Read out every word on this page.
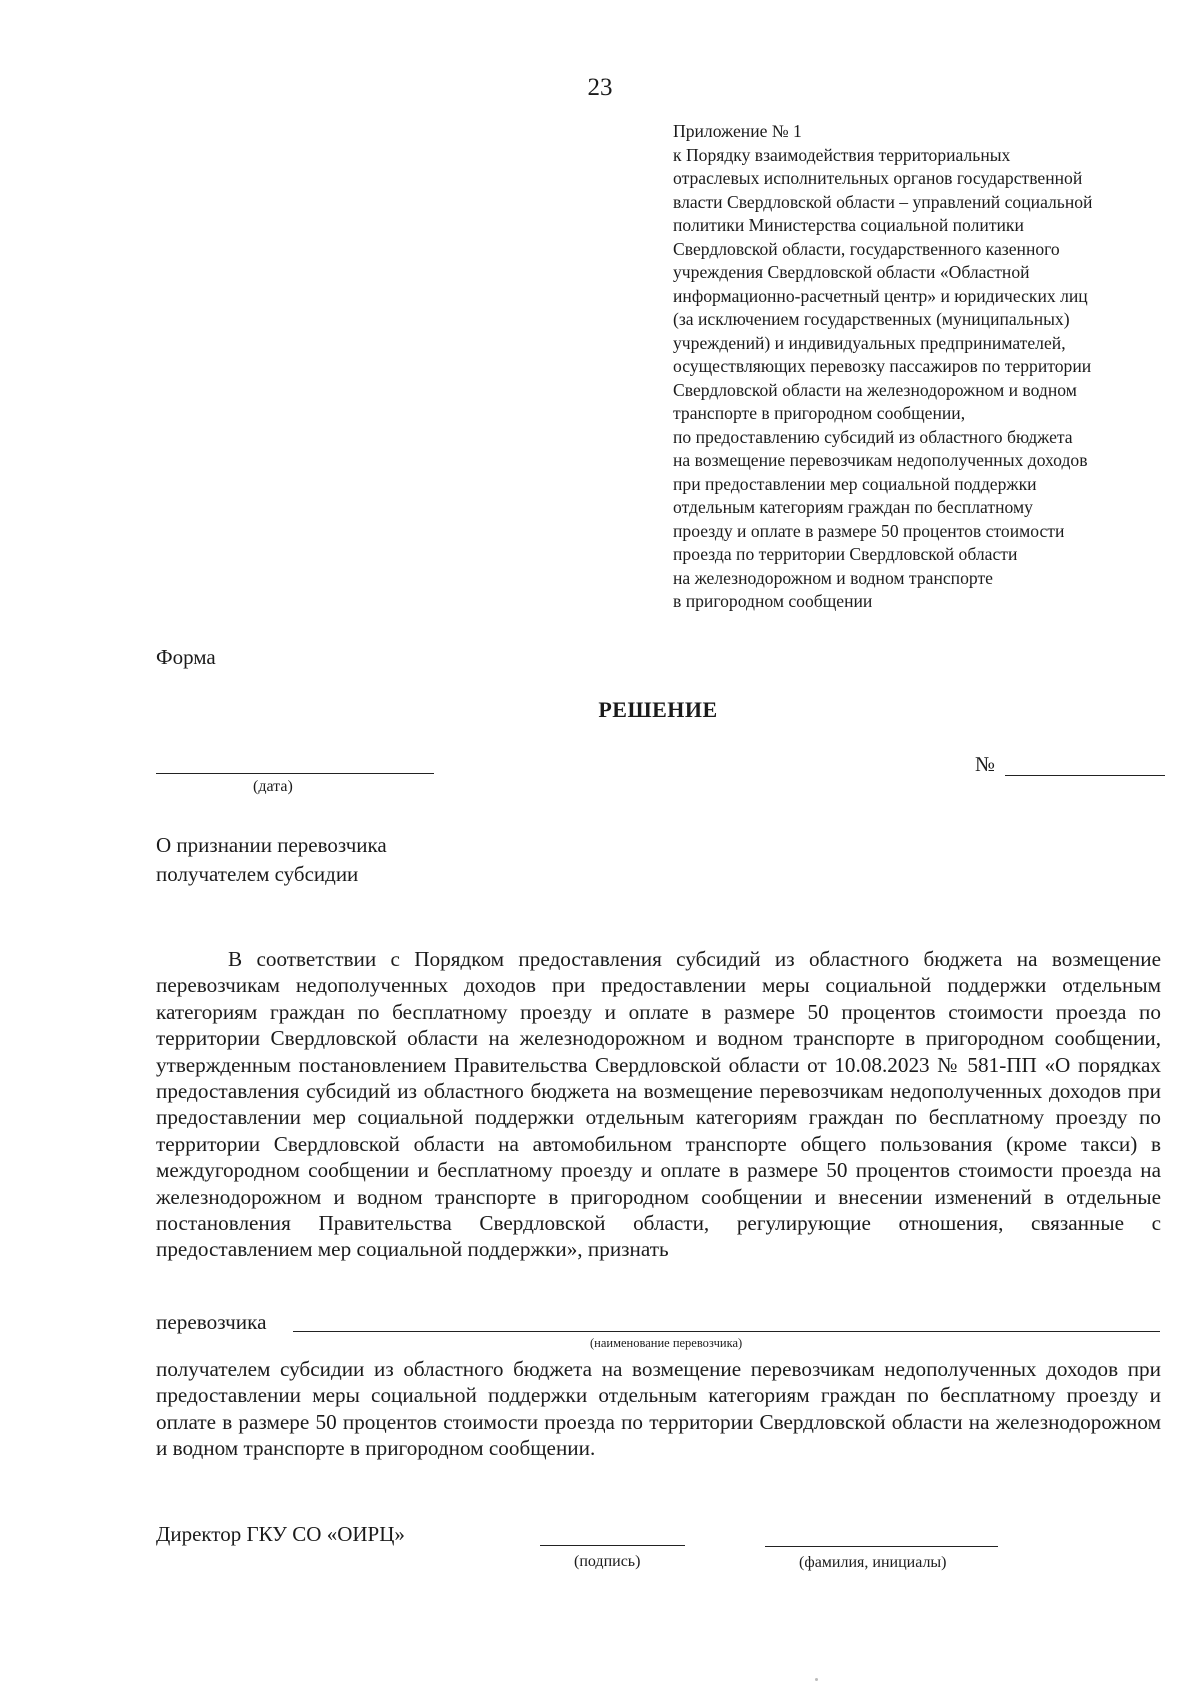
23
Приложение № 1
к Порядку взаимодействия территориальных
отраслевых исполнительных органов государственной
власти Свердловской области – управлений социальной
политики Министерства социальной политики
Свердловской области, государственного казенного
учреждения Свердловской области «Областной
информационно-расчетный центр» и юридических лиц
(за исключением государственных (муниципальных)
учреждений) и индивидуальных предпринимателей,
осуществляющих перевозку пассажиров по территории
Свердловской области на железнодорожном и водном
транспорте в пригородном сообщении,
по предоставлению субсидий из областного бюджета
на возмещение перевозчикам недополученных доходов
при предоставлении мер социальной поддержки
отдельным категориям граждан по бесплатному
проезду и оплате в размере 50 процентов стоимости
проезда по территории Свердловской области
на железнодорожном и водном транспорте
в пригородном сообщении
Форма
РЕШЕНИЕ
(дата)
№
О признании перевозчика
получателем субсидии
В соответствии с Порядком предоставления субсидий из областного бюджета на возмещение перевозчикам недополученных доходов при предоставлении меры социальной поддержки отдельным категориям граждан по бесплатному проезду и оплате в размере 50 процентов стоимости проезда по территории Свердловской области на железнодорожном и водном транспорте в пригородном сообщении, утвержденным постановлением Правительства Свердловской области от 10.08.2023 № 581-ПП «О порядках предоставления субсидий из областного бюджета на возмещение перевозчикам недополученных доходов при предоставлении мер социальной поддержки отдельным категориям граждан по бесплатному проезду по территории Свердловской области на автомобильном транспорте общего пользования (кроме такси) в междугородном сообщении и бесплатному проезду и оплате в размере 50 процентов стоимости проезда на железнодорожном и водном транспорте в пригородном сообщении и внесении изменений в отдельные постановления Правительства Свердловской области, регулирующие отношения, связанные с предоставлением мер социальной поддержки», признать
перевозчика
(наименование перевозчика)
получателем субсидии из областного бюджета на возмещение перевозчикам недополученных доходов при предоставлении меры социальной поддержки отдельным категориям граждан по бесплатному проезду и оплате в размере 50 процентов стоимости проезда по территории Свердловской области на железнодорожном и водном транспорте в пригородном сообщении.
Директор ГКУ СО «ОИРЦ»
(подпись)	(фамилия, инициалы)
